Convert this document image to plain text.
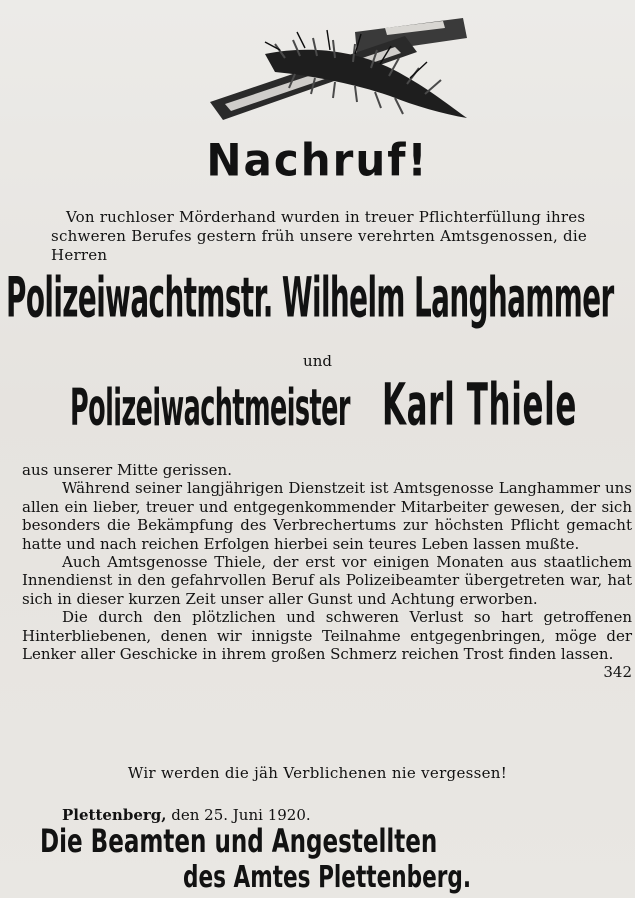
Nachruf!
Von ruchloser Mörderhand wurden in treuer Pflichterfüllung ihres
schweren Berufes gestern früh unsere verehrten Amtsgenossen, die Herren
Polizeiwachtmstr. Wilhelm Langhammer
und
Polizeiwachtmeister Karl Thiele

aus unserer Mitte gerissen.

Während seiner langjährigen Dienstzeit ist Amtsgenosse Langhammer uns allen ein lieber, treuer und entgegenkommender Mitarbeiter gewesen, der sich besonders die Bekämpfung des Verbrechertums zur höchsten Pflicht gemacht hatte und nach reichen Erfolgen hierbei sein teures Leben lassen mußte.

Auch Amtsgenosse Thiele, der erst vor einigen Monaten aus staatlichem Innendienst in den gefahrvollen Beruf als Polizeibeamter übergetreten war, hat sich in dieser kurzen Zeit unser aller Gunst und Achtung erworben.

Die durch den plötzlichen und schweren Verlust so hart getroffenen Hinterbliebenen, denen wir innigste Teilnahme entgegenbringen, möge der Lenker aller Geschicke in ihrem großen Schmerz reichen Trost finden lassen.
342

Wir werden die jäh Verblichenen nie vergessen!
Plettenberg, den 25. Juni 1920.
Die Beamten und Angestellten
des Amtes Plettenberg.
